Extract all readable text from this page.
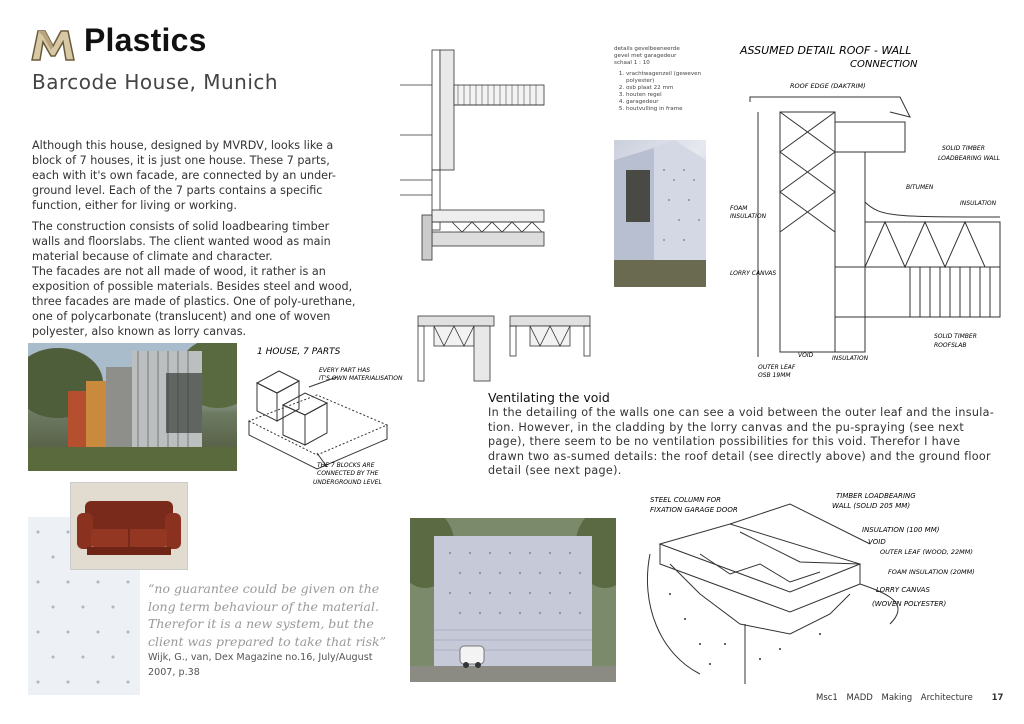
Plastics
Barcode House, Munich

Although this house, designed by MVRDV, looks like a block of 7 houses, it is just one house. These 7 parts, each with it's own facade, are connected by an under-ground level. Each of the 7 parts contains a specific function, either for living or working.

The construction consists of solid loadbearing timber walls and floorslabs. The client wanted wood as main material because of climate and character.

The facades are not all made of wood, it rather is an exposition of possible materials. Besides steel and wood, three facades are made of plastics. One of poly-urethane, one of polycarbonate (translucent) and one of woven polyester, also known as lorry canvas.

1 HOUSE, 7 PARTS
EVERY PART HAS
IT'S OWN MATERIALISATION
THE 7 BLOCKS ARE
CONNECTED BY THE
UNDERGROUND LEVEL
details gevelbeeneerde
gevel met garagedeur
schaal 1 : 10
1. vrachtwagenzeil (geweven polyester)
2. osb plaat 22 mm
3. houten regel
4. garagedeur
5. houtvulling in frame
ASSUMED DETAIL ROOF - WALL
CONNECTION
ROOF EDGE (DAKTRIM)
SOLID TIMBER
LOADBEARING WALL
BITUMEN
INSULATION
FOAM
INSULATION
LORRY CANVAS
SOLID TIMBER
ROOFSLAB
VOID	INSULATION
OUTER LEAF
OSB 19MM
Ventilating the void
In the detailing of the walls one can see a void between the outer leaf and the insula-tion. However, in the cladding by the lorry canvas and the pu-spraying (see next page), there seem to be no ventilation possibilities for this void. Therefor I have drawn two as-sumed details: the roof detail (see directly above) and the ground floor detail (see next page).
“no guarantee could be given on the long term behaviour of the material. Therefor it is a new system, but the client was prepared to take that risk”
Wijk, G., van, Dex Magazine no.16, July/August 2007, p.38
STEEL COLUMN FOR
FIXATION GARAGE DOOR
TIMBER LOADBEARING
WALL (SOLID 205 MM)
INSULATION (100 MM)
VOID
OUTER LEAF (WOOD, 22MM)
FOAM INSULATION (20MM)
LORRY CANVAS
(WOVEN POLYESTER)
Msc1 MADD Making Architecture 17
